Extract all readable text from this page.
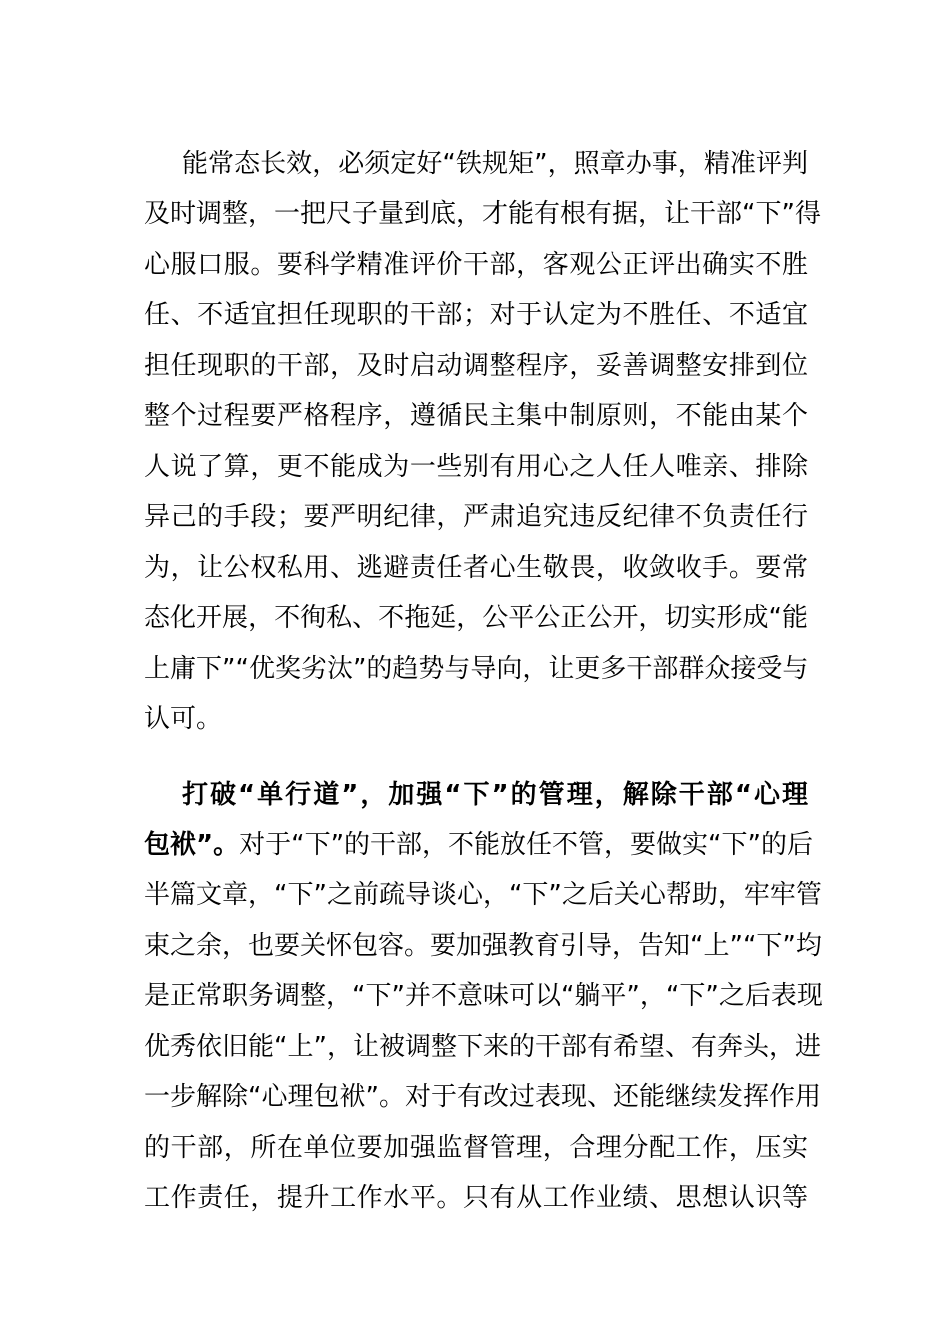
能常态长效，必须定好“铁规矩”，照章办事，精准评判
及时调整，一把尺子量到底，才能有根有据，让干部“下”得
心服口服。要科学精准评价干部，客观公正评出确实不胜
任、不适宜担任现职的干部；对于认定为不胜任、不适宜
担任现职的干部，及时启动调整程序，妥善调整安排到位
整个过程要严格程序，遵循民主集中制原则，不能由某个
人说了算，更不能成为一些别有用心之人任人唯亲、排除
异己的手段；要严明纪律，严肃追究违反纪律不负责任行
为，让公权私用、逃避责任者心生敬畏，收敛收手。要常
态化开展，不徇私、不拖延，公平公正公开，切实形成“能
上庸下”“优奖劣汰”的趋势与导向，让更多干部群众接受与
认可。
打破“单行道”，加强“下”的管理，解除干部“心理
包袱”。对于“下”的干部，不能放任不管，要做实“下”的后
半篇文章，“下”之前疏导谈心，“下”之后关心帮助，牢牢管
束之余，也要关怀包容。要加强教育引导，告知“上”“下”均
是正常职务调整，“下”并不意味可以“躺平”，“下”之后表现
优秀依旧能“上”，让被调整下来的干部有希望、有奔头，进
一步解除“心理包袱”。对于有改过表现、还能继续发挥作用
的干部，所在单位要加强监督管理，合理分配工作，压实
工作责任，提升工作水平。只有从工作业绩、思想认识等
